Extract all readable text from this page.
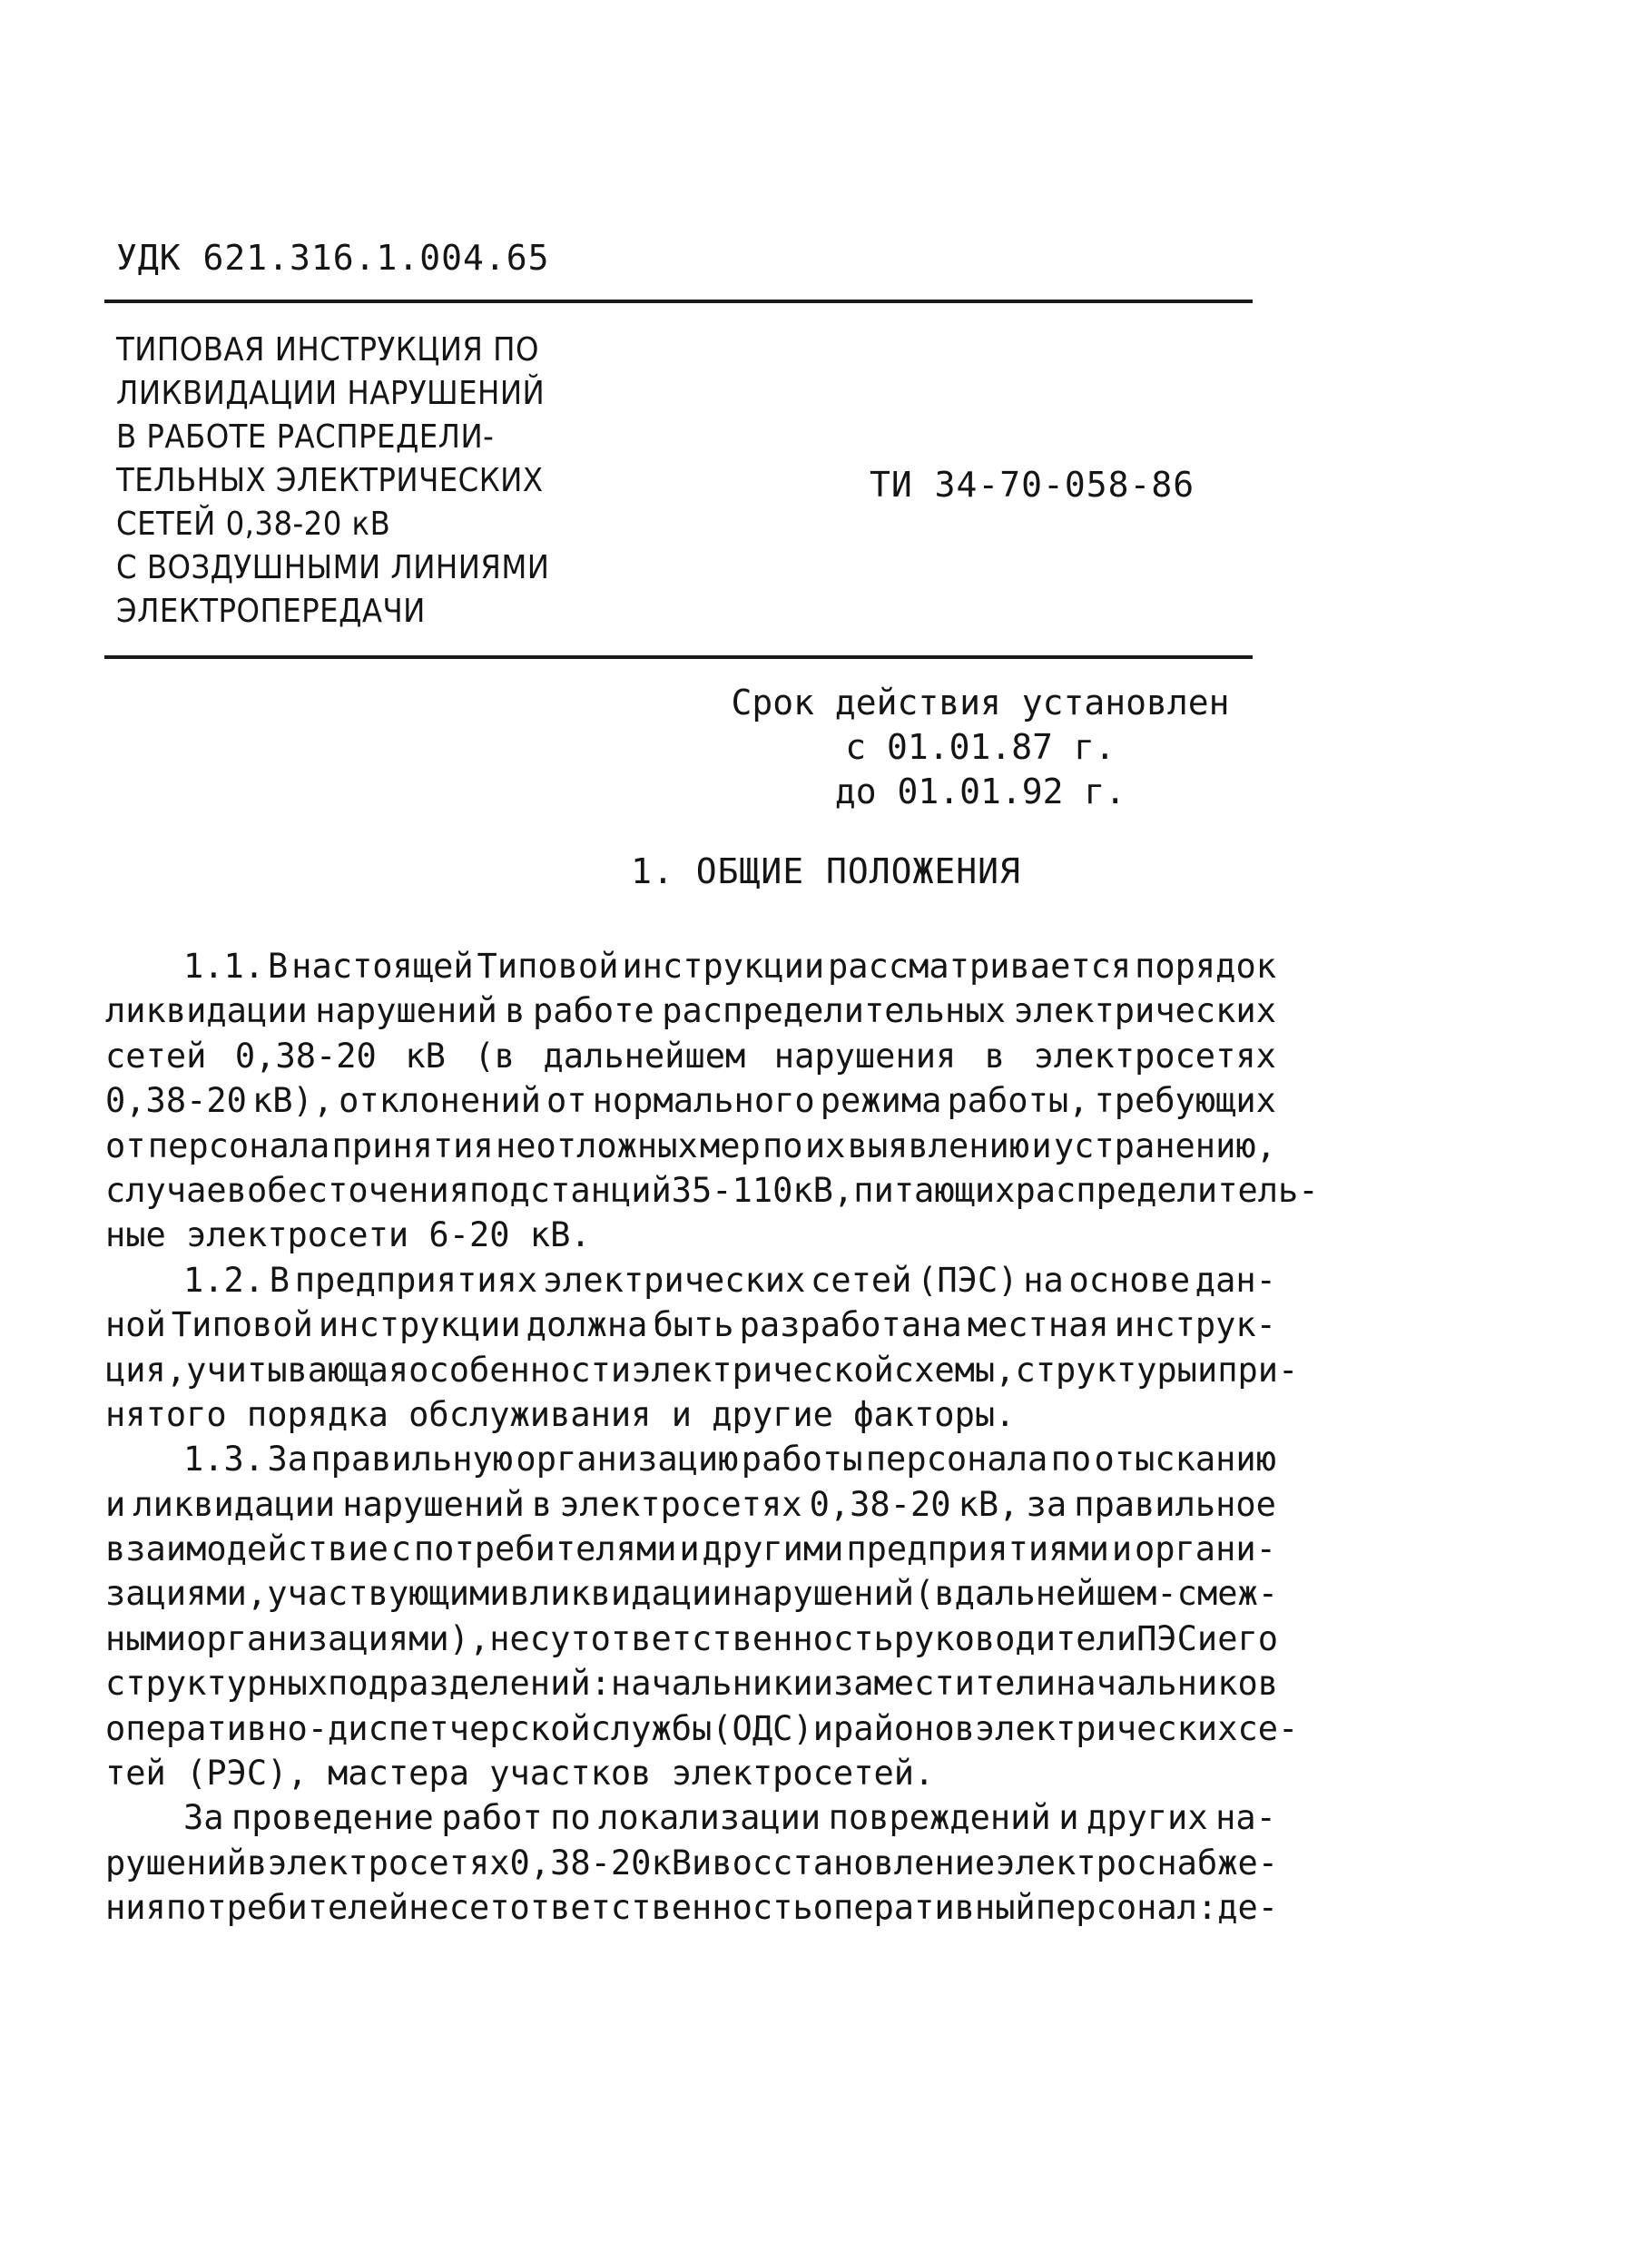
УДК 621.316.1.004.65
ТИПОВАЯ ИНСТРУКЦИЯ ПО
ЛИКВИДАЦИИ НАРУШЕНИЙ
В РАБОТЕ РАСПРЕДЕЛИ-
ТЕЛЬНЫХ ЭЛЕКТРИЧЕСКИХ
СЕТЕЙ 0,38-20 кВ
С ВОЗДУШНЫМИ ЛИНИЯМИ
ЭЛЕКТРОПЕРЕДАЧИ
ТИ 34-70-058-86
Срок действия установлен
с 01.01.87 г.
до 01.01.92 г.
1. ОБЩИЕ ПОЛОЖЕНИЯ
1.1. В настоящей Типовой инструкции рассматривается порядок
ликвидации нарушений в работе распределительных электрических
сетей 0,38-20 кВ (в дальнейшем нарушения в электросетях
0,38-20 кВ), отклонений от нормального режима работы, требующих
от персонала принятия неотложных мер по их выявлению и устранению,
случаев обесточения подстанций 35-110 кВ, питающих распределитель-
ные электросети 6-20 кВ.
1.2. В предприятиях электрических сетей (ПЭС) на основе дан-
ной Типовой инструкции должна быть разработана местная инструк-
ция, учитывающая особенности электрической схемы, структуры и при-
нятого порядка обслуживания и другие факторы.
1.3. За правильную организацию работы персонала по отысканию
и ликвидации нарушений в электросетях 0,38-20 кВ, за правильное
взаимодействие с потребителями и другими предприятиями и органи-
зациями, участвующими в ликвидации нарушений (в дальнейшем - смеж-
ными организациями), несут ответственность руководители ПЭС и его
структурных подразделений: начальники и заместители начальников
оперативно-диспетчерской службы (ОДС) и районов электрических се-
тей (РЭС), мастера участков электросетей.
За проведение работ по локализации повреждений и других на-
рушений в электросетях 0,38-20 кВ и восстановление электроснабже-
ния потребителей несет ответственность оперативный персонал: де-
